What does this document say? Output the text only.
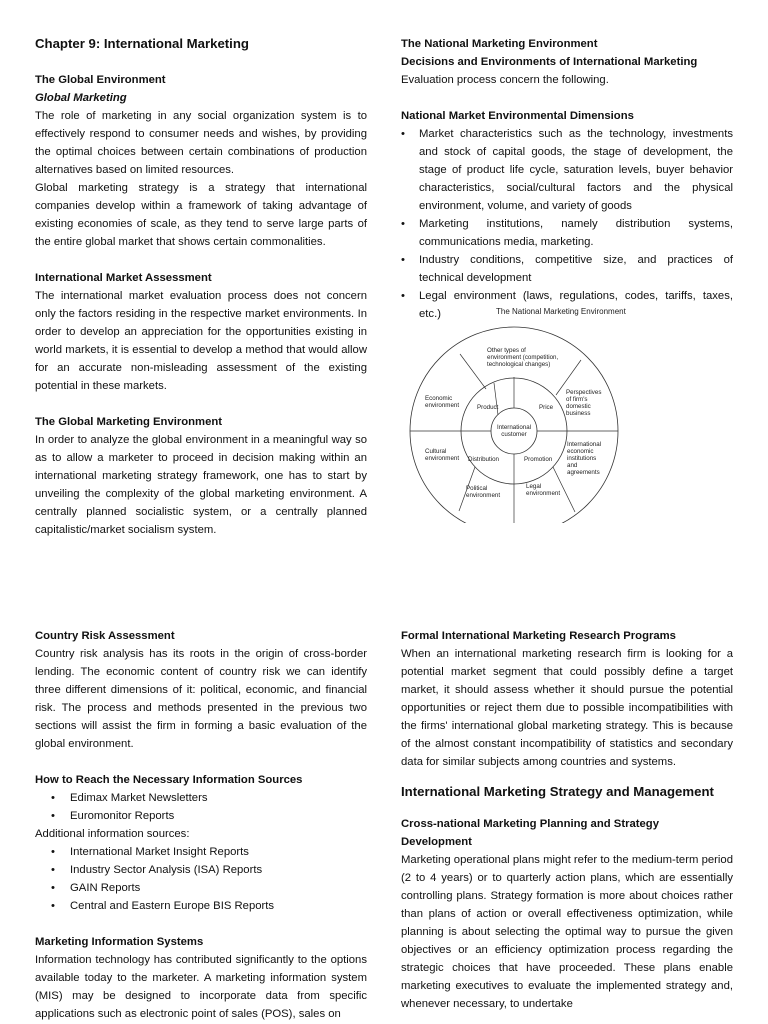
Chapter 9: International Marketing
The Global Environment
Global Marketing

The role of marketing in any social organization system is to effectively respond to consumer needs and wishes, by providing the optimal choices between certain combinations of production alternatives based on limited resources.

Global marketing strategy is a strategy that international companies develop within a framework of taking advantage of existing economies of scale, as they tend to serve large parts of the entire global market that shows certain commonalities.

International Market Assessment

The international market evaluation process does not concern only the factors residing in the respective market environments. In order to develop an appreciation for the opportunities existing in world markets, it is essential to develop a method that would allow for an accurate non-misleading assessment of the existing potential in these markets.

The Global Marketing Environment

In order to analyze the global environment in a meaningful way so as to allow a marketer to proceed in decision making within an international marketing strategy framework, one has to start by unveiling the complexity of the global marketing environment. A centrally planned socialistic system, or a centrally planned capitalistic/market socialism system.

The National Marketing Environment
Decisions and Environments of International Marketing

Evaluation process concern the following.

National Market Environmental Dimensions
• Market characteristics such as the technology, investments and stock of capital goods, the stage of development, the stage of product life cycle, saturation levels, buyer behavior characteristics, social/cultural factors and the physical environment, volume, and variety of goods
• Marketing institutions, namely distribution systems, communications media, marketing.
• Industry conditions, competitive size, and practices of technical development
• Legal environment (laws, regulations, codes, tariffs, taxes, etc.)	The National Marketing Environment
Other types of
environment (competition,
technological changes)
Economic
environment
Perspectives
of firm's
domestic
business
Cultural
environment
International
economic
institutions
and
agreements
Political
environment
Legal
environment
Product	Price
Distribution	Promotion
International
customer
Country Risk Assessment

Country risk analysis has its roots in the origin of cross-border lending. The economic content of country risk we can identify three different dimensions of it: political, economic, and financial risk. The process and methods presented in the previous two sections will assist the firm in forming a basic evaluation of the global environment.

How to Reach the Necessary Information Sources
• Edimax Market Newsletters
• Euromonitor Reports
Additional information sources:
• International Market Insight Reports
• Industry Sector Analysis (ISA) Reports
• GAIN Reports
• Central and Eastern Europe BIS Reports
Marketing Information Systems

Information technology has contributed significantly to the options available today to the marketer. A marketing information system (MIS) may be designed to incorporate data from specific applications such as electronic point of sales (POS), sales on

Formal International Marketing Research Programs

When an international marketing research firm is looking for a potential market segment that could possibly define a target market, it should assess whether it should pursue the potential opportunities or reject them due to possible incompatibilities with the firms' international global marketing strategy. This is because of the almost constant incompatibility of statistics and secondary data for similar subjects among countries and systems.

International Marketing Strategy and Management
Cross-national Marketing Planning and Strategy Development

Marketing operational plans might refer to the medium-term period (2 to 4 years) or to quarterly action plans, which are essentially controlling plans. Strategy formation is more about choices rather than plans of action or overall effectiveness optimization, while planning is about selecting the optimal way to pursue the given objectives or an efficiency optimization process regarding the strategic choices that have proceeded. These plans enable marketing executives to evaluate the implemented strategy and, whenever necessary, to undertake
